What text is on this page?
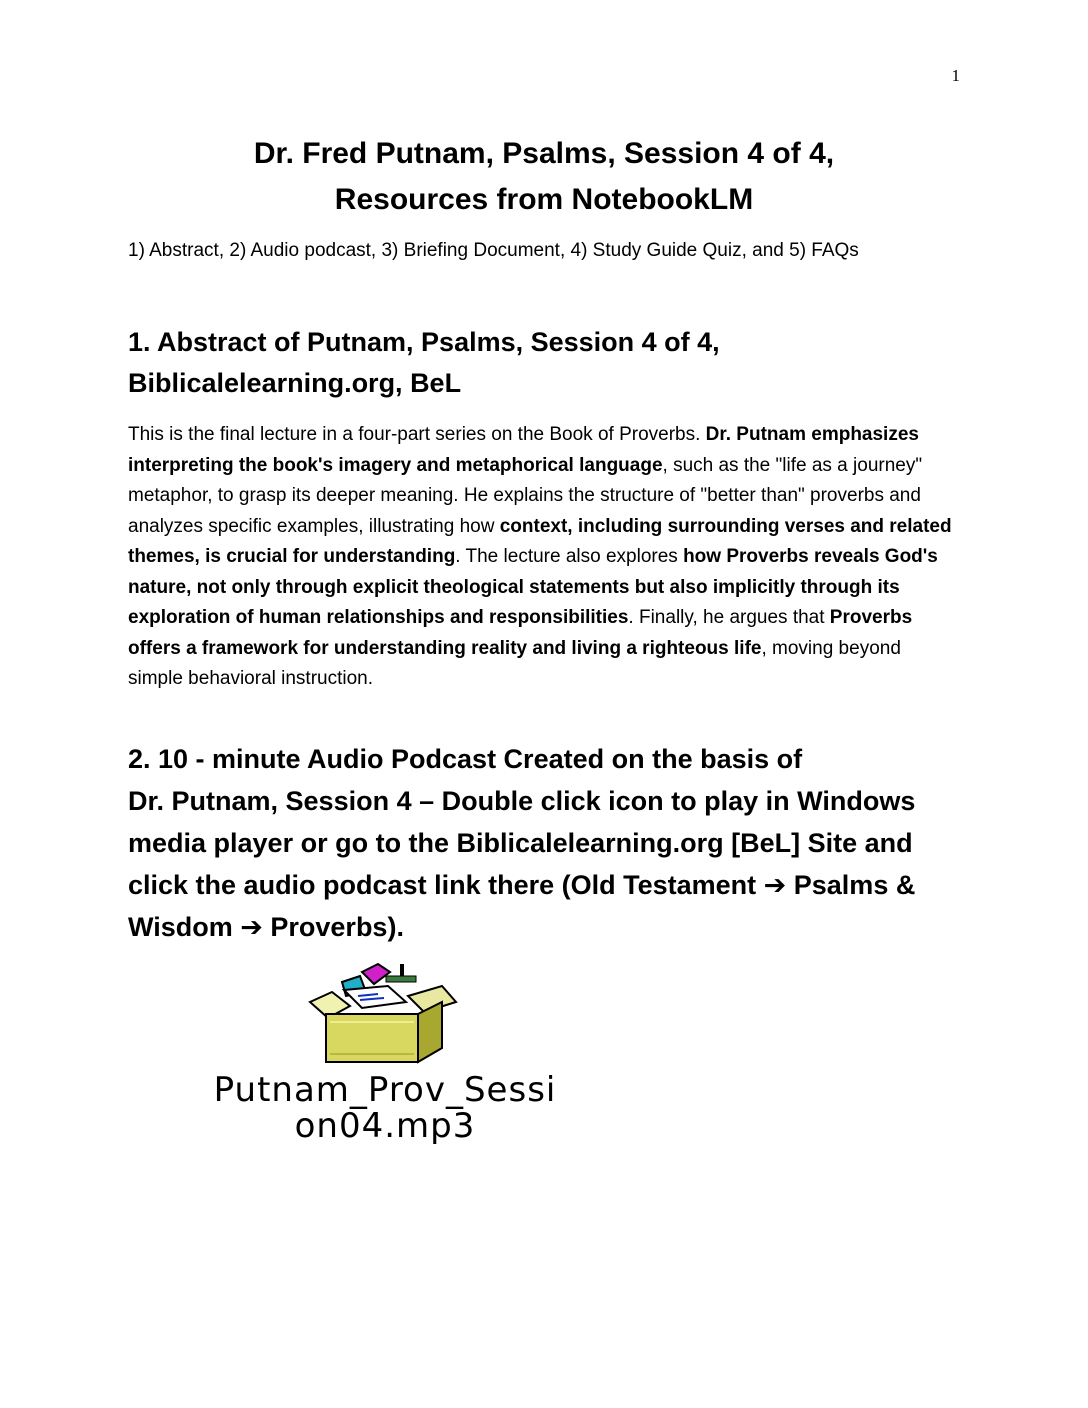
1
Dr. Fred Putnam, Psalms, Session 4 of 4,
Resources from NotebookLM
1) Abstract, 2) Audio podcast, 3) Briefing Document, 4) Study Guide Quiz, and 5) FAQs
1. Abstract of Putnam, Psalms, Session 4 of 4,
Biblicalelearning.org, BeL
This is the final lecture in a four-part series on the Book of Proverbs. Dr. Putnam emphasizes interpreting the book's imagery and metaphorical language, such as the "life as a journey" metaphor, to grasp its deeper meaning. He explains the structure of "better than" proverbs and analyzes specific examples, illustrating how context, including surrounding verses and related themes, is crucial for understanding. The lecture also explores how Proverbs reveals God's nature, not only through explicit theological statements but also implicitly through its exploration of human relationships and responsibilities. Finally, he argues that Proverbs offers a framework for understanding reality and living a righteous life, moving beyond simple behavioral instruction.
2. 10 - minute Audio Podcast Created on the basis of
Dr. Putnam, Session 4 – Double click icon to play in Windows media player or go to the Biblicalelearning.org [BeL] Site and click the audio podcast link there (Old Testament ➔ Psalms & Wisdom ➔ Proverbs).
Putnam_Prov_Sessi
on04.mp3
